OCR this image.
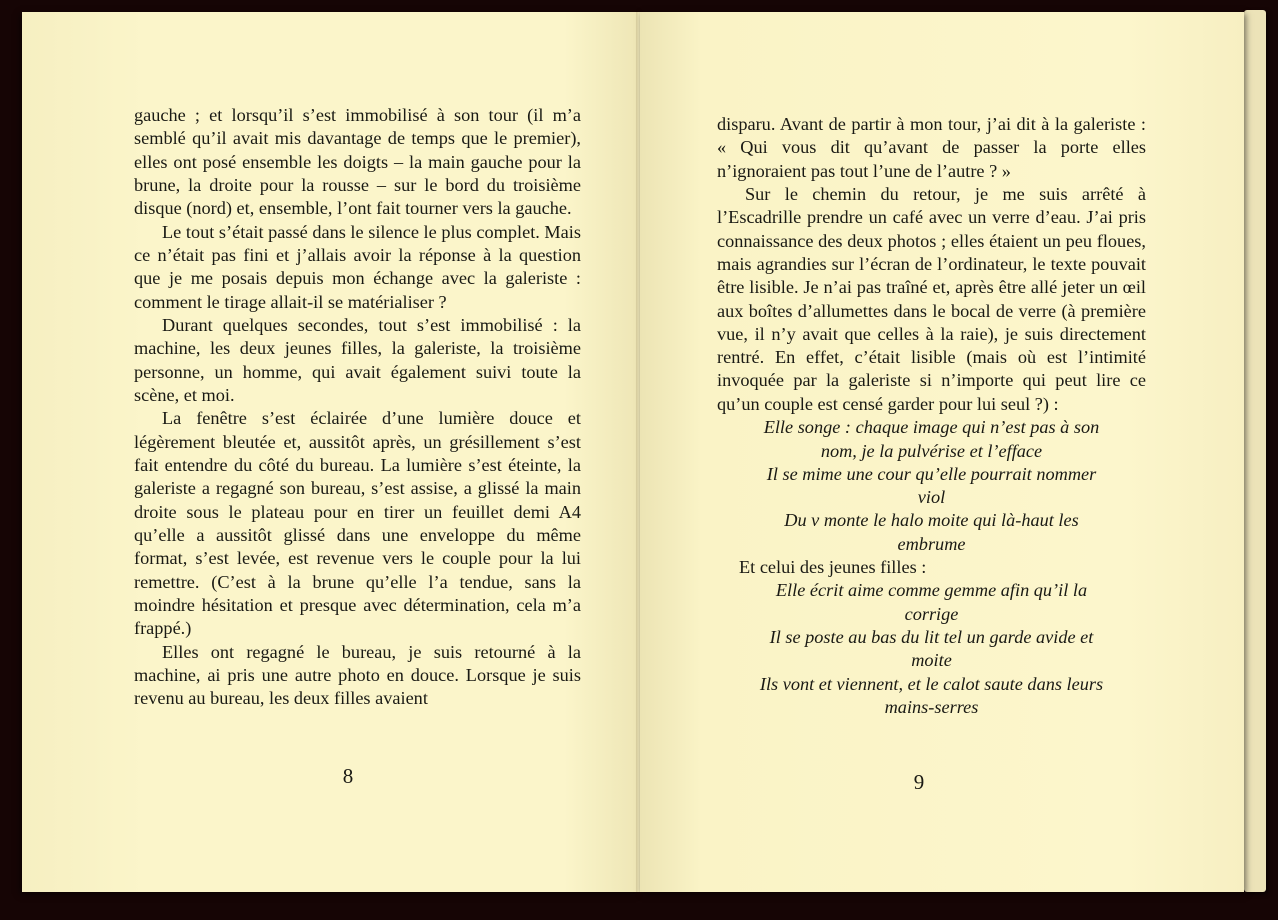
gauche ; et lorsqu’il s’est immobilisé à son tour (il m’a semblé qu’il avait mis davantage de temps que le premier), elles ont posé ensemble les doigts – la main gauche pour la brune, la droite pour la rousse – sur le bord du troisième disque (nord) et, ensemble, l’ont fait tourner vers la gauche.

Le tout s’était passé dans le silence le plus complet. Mais ce n’était pas fini et j’allais avoir la réponse à la question que je me posais depuis mon échange avec la galeriste : comment le tirage allait-il se matérialiser ?

Durant quelques secondes, tout s’est immobilisé : la machine, les deux jeunes filles, la galeriste, la troisième personne, un homme, qui avait également suivi toute la scène, et moi.

La fenêtre s’est éclairée d’une lumière douce et légèrement bleutée et, aussitôt après, un grésillement s’est fait entendre du côté du bureau. La lumière s’est éteinte, la galeriste a regagné son bureau, s’est assise, a glissé la main droite sous le plateau pour en tirer un feuillet demi A4 qu’elle a aussitôt glissé dans une enveloppe du même format, s’est levée, est revenue vers le couple pour la lui remettre. (C’est à la brune qu’elle l’a tendue, sans la moindre hésitation et presque avec détermination, cela m’a frappé.)

Elles ont regagné le bureau, je suis retourné à la machine, ai pris une autre photo en douce. Lorsque je suis revenu au bureau, les deux filles avaient

8

disparu. Avant de partir à mon tour, j’ai dit à la galeriste : « Qui vous dit qu’avant de passer la porte elles n’ignoraient pas tout l’une de l’autre ? »

Sur le chemin du retour, je me suis arrêté à l’Escadrille prendre un café avec un verre d’eau. J’ai pris connaissance des deux photos ; elles étaient un peu floues, mais agrandies sur l’écran de l’ordinateur, le texte pouvait être lisible. Je n’ai pas traîné et, après être allé jeter un œil aux boîtes d’allumettes dans le bocal de verre (à première vue, il n’y avait que celles à la raie), je suis directement rentré. En effet, c’était lisible (mais où est l’intimité invoquée par la galeriste si n’importe qui peut lire ce qu’un couple est censé garder pour lui seul ?) :

Elle songe : chaque image qui n’est pas à son

nom, je la pulvérise et l’efface

Il se mime une cour qu’elle pourrait nommer

viol

Du v monte le halo moite qui là-haut les

embrume

Et celui des jeunes filles :

Elle écrit aime comme gemme afin qu’il la

corrige

Il se poste au bas du lit tel un garde avide et

moite

Ils vont et viennent, et le calot saute dans leurs

mains-serres

9
